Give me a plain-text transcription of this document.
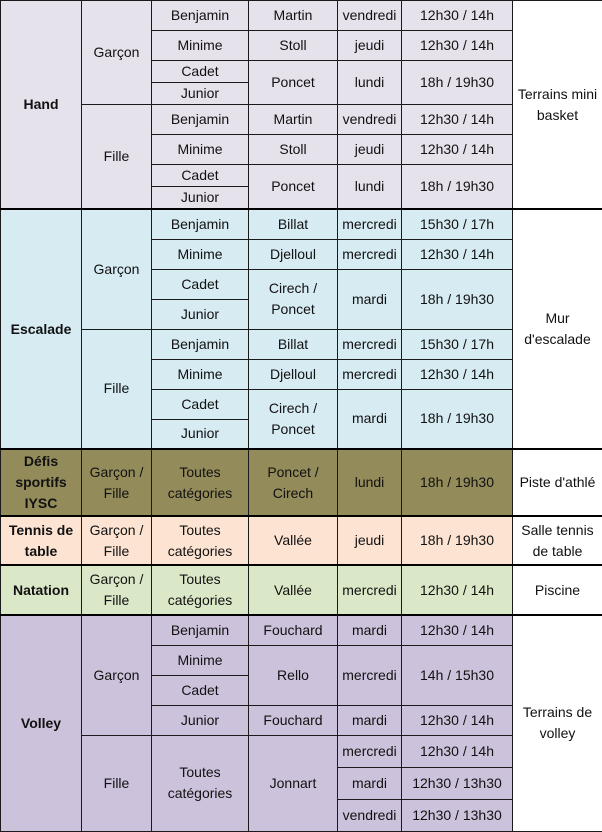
Hand	Garçon	Benjamin	Martin	vendredi	12h30 / 14h	Terrains mini basket
		Minime	Stoll	jeudi	12h30 / 14h	
		Cadet	Poncet	lundi	18h / 19h30	
		Junior				
	Fille	Benjamin	Martin	vendredi	12h30 / 14h	
		Minime	Stoll	jeudi	12h30 / 14h	
		Cadet	Poncet	lundi	18h / 19h30	
		Junior				
Escalade	Garçon	Benjamin	Billat	mercredi	15h30 / 17h	Mur d'escalade
		Minime	Djelloul	mercredi	12h30 / 14h	
		Cadet	Cirech / Poncet	mardi	18h / 19h30	
		Junior				
	Fille	Benjamin	Billat	mercredi	15h30 / 17h	
		Minime	Djelloul	mercredi	12h30 / 14h	
		Cadet	Cirech / Poncet	mardi	18h / 19h30	
		Junior				
Défis sportifs IYSC	Garçon / Fille	Toutes catégories	Poncet / Cirech	lundi	18h / 19h30	Piste d'athlé
Tennis de table	Garçon / Fille	Toutes catégories	Vallée	jeudi	18h / 19h30	Salle tennis de table
Natation	Garçon / Fille	Toutes catégories	Vallée	mercredi	12h30 / 14h	Piscine
Volley	Garçon	Benjamin	Fouchard	mardi	12h30 / 14h	Terrains de volley
		Minime	Rello	mercredi	14h / 15h30	
		Cadet				
		Junior	Fouchard	mardi	12h30 / 14h	
	Fille	Toutes catégories	Jonnart	mercredi	12h30 / 14h	
				mardi	12h30 / 13h30	
				vendredi	12h30 / 13h30	
